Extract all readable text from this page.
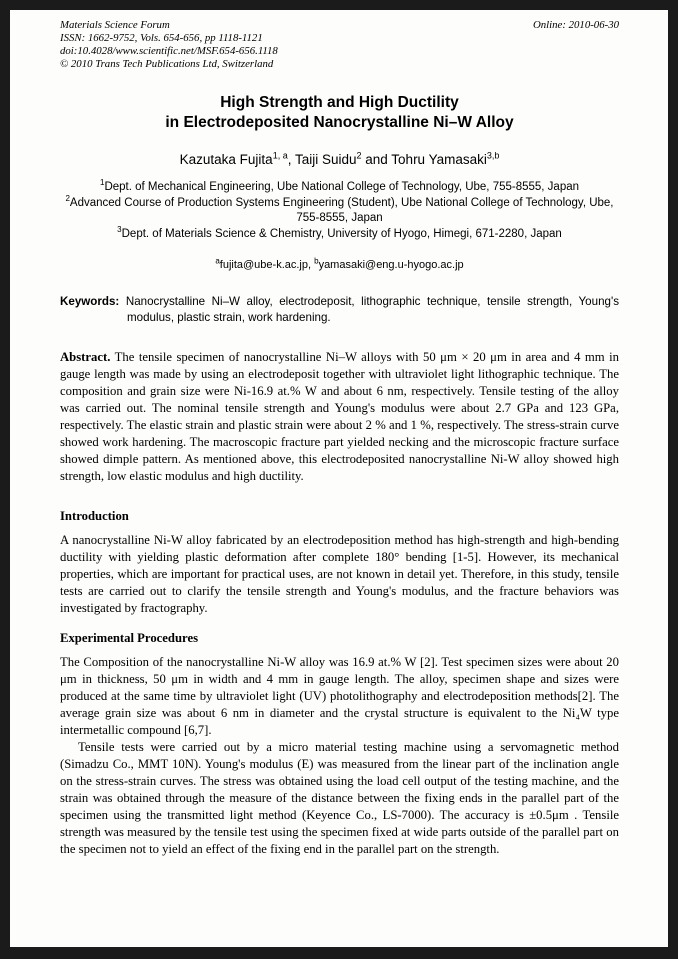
Materials Science Forum
ISSN: 1662-9752, Vols. 654-656, pp 1118-1121
doi:10.4028/www.scientific.net/MSF.654-656.1118
© 2010 Trans Tech Publications Ltd, Switzerland
Online: 2010-06-30
High Strength and High Ductility
in Electrodeposited Nanocrystalline Ni–W Alloy

Kazutaka Fujita$^{1, a}$, Taiji Suidu$^2$ and Tohru Yamasaki$^{3,b}$

$^1$Dept. of Mechanical Engineering, Ube National College of Technology, Ube, 755-8555, Japan
$^2$Advanced Course of Production Systems Engineering (Student), Ube National College of Technology, Ube, 755-8555, Japan
$^3$Dept. of Materials Science & Chemistry, University of Hyogo, Himegi, 671-2280, Japan

$^a$fujita@ube-k.ac.jp, $^b$yamasaki@eng.u-hyogo.ac.jp

Keywords: Nanocrystalline Ni–W alloy, electrodeposit, lithographic technique, tensile strength, Young's modulus, plastic strain, work hardening.

Abstract. The tensile specimen of nanocrystalline Ni–W alloys with 50 μm × 20 μm in area and 4 mm in gauge length was made by using an electrodeposit together with ultraviolet light lithographic technique. The composition and grain size were Ni-16.9 at.% W and about 6 nm, respectively. Tensile testing of the alloy was carried out. The nominal tensile strength and Young's modulus were about 2.7 GPa and 123 GPa, respectively. The elastic strain and plastic strain were about 2 % and 1 %, respectively. The stress-strain curve showed work hardening. The macroscopic fracture part yielded necking and the microscopic fracture surface showed dimple pattern. As mentioned above, this electrodeposited nanocrystalline Ni-W alloy showed high strength, low elastic modulus and high ductility.

Introduction

A nanocrystalline Ni-W alloy fabricated by an electrodeposition method has high-strength and high-bending ductility with yielding plastic deformation after complete 180° bending [1-5]. However, its mechanical properties, which are important for practical uses, are not known in detail yet. Therefore, in this study, tensile tests are carried out to clarify the tensile strength and Young's modulus, and the fracture behaviors was investigated by fractography.

Experimental Procedures

The Composition of the nanocrystalline Ni-W alloy was 16.9 at.% W [2]. Test specimen sizes were about 20 μm in thickness, 50 μm in width and 4 mm in gauge length. The alloy, specimen shape and sizes were produced at the same time by ultraviolet light (UV) photolithography and electrodeposition methods[2]. The average grain size was about 6 nm in diameter and the crystal structure is equivalent to the Ni₄W type intermetallic compound [6,7].

Tensile tests were carried out by a micro material testing machine using a servomagnetic method (Simadzu Co., MMT 10N). Young's modulus (E) was measured from the linear part of the inclination angle on the stress-strain curves. The stress was obtained using the load cell output of the testing machine, and the strain was obtained through the measure of the distance between the fixing ends in the parallel part of the specimen using the transmitted light method (Keyence Co., LS-7000). The accuracy is ±0.5μm . Tensile strength was measured by the tensile test using the specimen fixed at wide parts outside of the parallel part on the specimen not to yield an effect of the fixing end in the parallel part on the strength.
